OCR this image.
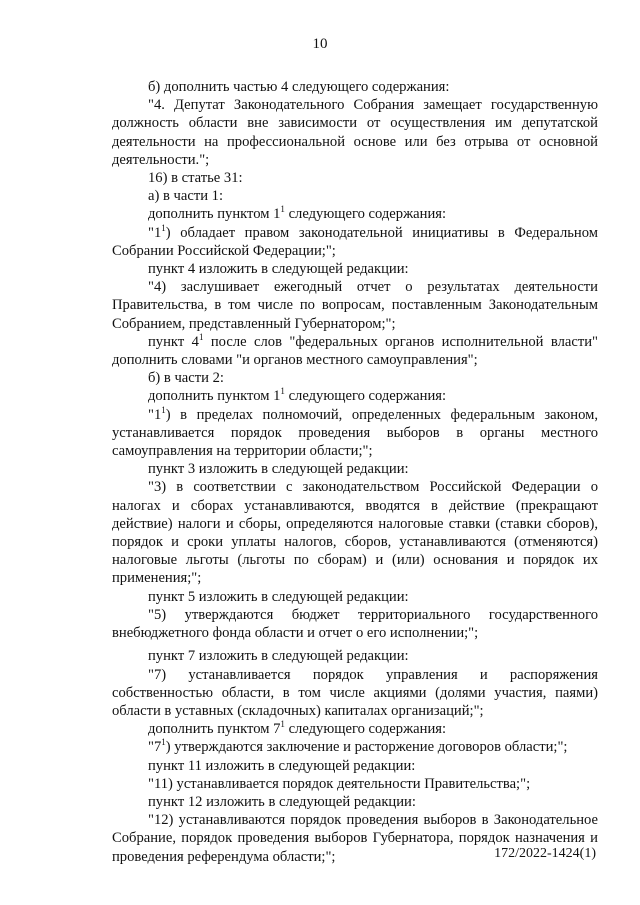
10

б) дополнить частью 4 следующего содержания:

"4. Депутат Законодательного Собрания замещает государственную должность области вне зависимости от осуществления им депутатской деятельности на профессиональной основе или без отрыва от основной деятельности.";

16) в статье 31:

а) в части 1:

дополнить пунктом $1^1$ следующего содержания:

"$1^1$) обладает правом законодательной инициативы в Федеральном Собрании Российской Федерации;";

пункт 4 изложить в следующей редакции:

"4) заслушивает ежегодный отчет о результатах деятельности Правительства, в том числе по вопросам, поставленным Законодательным Собранием, представленный Губернатором;";

пункт $4^1$ после слов "федеральных органов исполнительной власти" дополнить словами "и органов местного самоуправления";

б) в части 2:

дополнить пунктом $1^1$ следующего содержания:

"$1^1$) в пределах полномочий, определенных федеральным законом, устанавливается порядок проведения выборов в органы местного самоуправления на территории области;";

пункт 3 изложить в следующей редакции:

"3) в соответствии с законодательством Российской Федерации о налогах и сборах устанавливаются, вводятся в действие (прекращают действие) налоги и сборы, определяются налоговые ставки (ставки сборов), порядок и сроки уплаты налогов, сборов, устанавливаются (отменяются) налоговые льготы (льготы по сборам) и (или) основания и порядок их применения;";

пункт 5 изложить в следующей редакции:

"5) утверждаются бюджет территориального государственного внебюджетного фонда области и отчет о его исполнении;";

пункт 7 изложить в следующей редакции:

"7) устанавливается порядок управления и распоряжения собственностью области, в том числе акциями (долями участия, паями) области в уставных (складочных) капиталах организаций;";

дополнить пунктом $7^1$ следующего содержания:

"$7^1$) утверждаются заключение и расторжение договоров области;";

пункт 11 изложить в следующей редакции:

"11) устанавливается порядок деятельности Правительства;";

пункт 12 изложить в следующей редакции:

"12) устанавливаются порядок проведения выборов в Законодательное Собрание, порядок проведения выборов Губернатора, порядок назначения и проведения референдума области;";	172/2022-1424(1)
